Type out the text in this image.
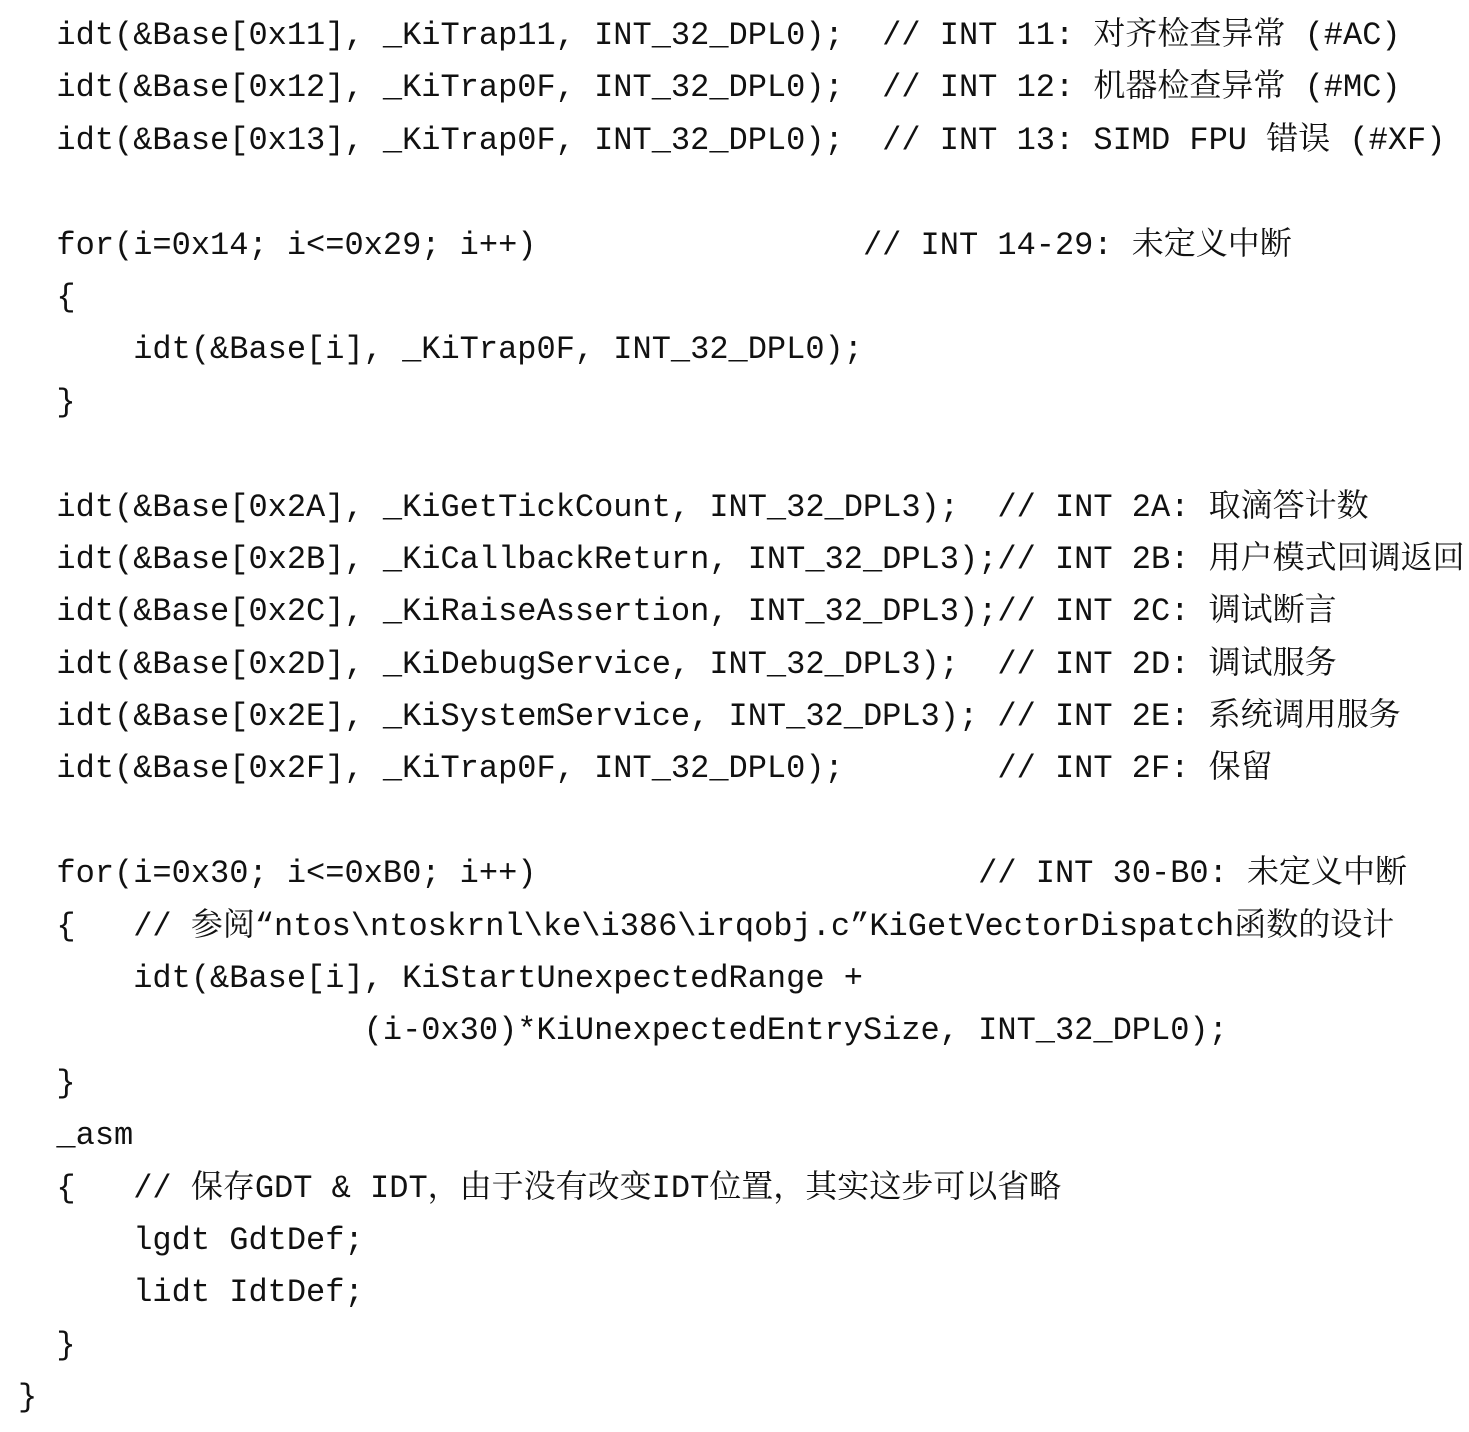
idt(&Base[0x11], _KiTrap11, INT_32_DPL0);  // INT 11: 对齐检查异常 (#AC)
idt(&Base[0x12], _KiTrap0F, INT_32_DPL0);  // INT 12: 机器检查异常 (#MC)
idt(&Base[0x13], _KiTrap0F, INT_32_DPL0);  // INT 13: SIMD FPU 错误 (#XF)
for(i=0x14; i<=0x29; i++)                 // INT 14-29: 未定义中断
{
idt(&Base[i], _KiTrap0F, INT_32_DPL0);
}
idt(&Base[0x2A], _KiGetTickCount, INT_32_DPL3);  // INT 2A: 取滴答计数
idt(&Base[0x2B], _KiCallbackReturn, INT_32_DPL3);// INT 2B: 用户模式回调返回
idt(&Base[0x2C], _KiRaiseAssertion, INT_32_DPL3);// INT 2C: 调试断言
idt(&Base[0x2D], _KiDebugService, INT_32_DPL3);  // INT 2D: 调试服务
idt(&Base[0x2E], _KiSystemService, INT_32_DPL3); // INT 2E: 系统调用服务
idt(&Base[0x2F], _KiTrap0F, INT_32_DPL0);        // INT 2F: 保留
for(i=0x30; i<=0xB0; i++)                       // INT 30-B0: 未定义中断
{   // 参阅“ntos\ntoskrnl\ke\i386\irqobj.c”KiGetVectorDispatch函数的设计
idt(&Base[i], KiStartUnexpectedRange +
(i-0x30)*KiUnexpectedEntrySize, INT_32_DPL0);
}
_asm
{   // 保存GDT & IDT，由于没有改变IDT位置，其实这步可以省略
lgdt GdtDef;
lidt IdtDef;
}
}
